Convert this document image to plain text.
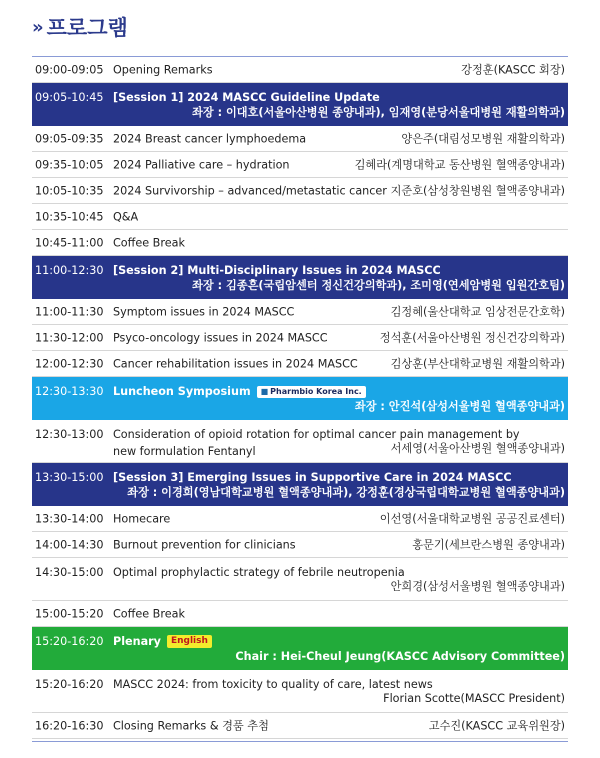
» 프로그램
09:00-09:05 Opening Remarks	강정훈(KASCC 회장)
09:05-10:45 [Session 1] 2024 MASCC Guideline Update
좌장 : 이대호(서울아산병원 종양내과), 임재영(분당서울대병원 재활의학과)
09:05-09:35 2024 Breast cancer lymphoedema	양은주(대림성모병원 재활의학과)
09:35-10:05 2024 Palliative care – hydration	김혜라(계명대학교 동산병원 혈액종양내과)
10:05-10:35 2024 Survivorship – advanced/metastatic cancer 지준호(삼성창원병원 혈액종양내과)
10:35-10:45 Q&A
10:45-11:00 Coffee Break
11:00-12:30 [Session 2] Multi-Disciplinary Issues in 2024 MASCC
좌장 : 김종흔(국립암센터 정신건강의학과), 조미영(연세암병원 입원간호팀)
11:00-11:30 Symptom issues in 2024 MASCC	김정혜(울산대학교 임상전문간호학)
11:30-12:00 Psyco-oncology issues in 2024 MASCC	정석훈(서울아산병원 정신건강의학과)
12:00-12:30 Cancer rehabilitation issues in 2024 MASCC	김상훈(부산대학교병원 재활의학과)
12:30-13:30 Luncheon Symposium	■ Pharmbio Korea Inc.
좌장 : 안진석(삼성서울병원 혈액종양내과)
12:30-13:00 Consideration of opioid rotation for optimal cancer pain management by
new formulation Fentanyl	서세영(서울아산병원 혈액종양내과)
13:30-15:00 [Session 3] Emerging Issues in Supportive Care in 2024 MASCC
좌장 : 이경희(영남대학교병원 혈액종양내과), 강정훈(경상국립대학교병원 혈액종양내과)
13:30-14:00 Homecare	이선영(서울대학교병원 공공진료센터)
14:00-14:30 Burnout prevention for clinicians	홍문기(세브란스병원 종양내과)
14:30-15:00 Optimal prophylactic strategy of febrile neutropenia
안희경(삼성서울병원 혈액종양내과)
15:00-15:20 Coffee Break
15:20-16:20 Plenary	English
Chair : Hei-Cheul Jeung(KASCC Advisory Committee)
15:20-16:20 MASCC 2024: from toxicity to quality of care, latest news
Florian Scotte(MASCC President)
16:20-16:30 Closing Remarks & 경품 추첨	고수진(KASCC 교육위원장)
